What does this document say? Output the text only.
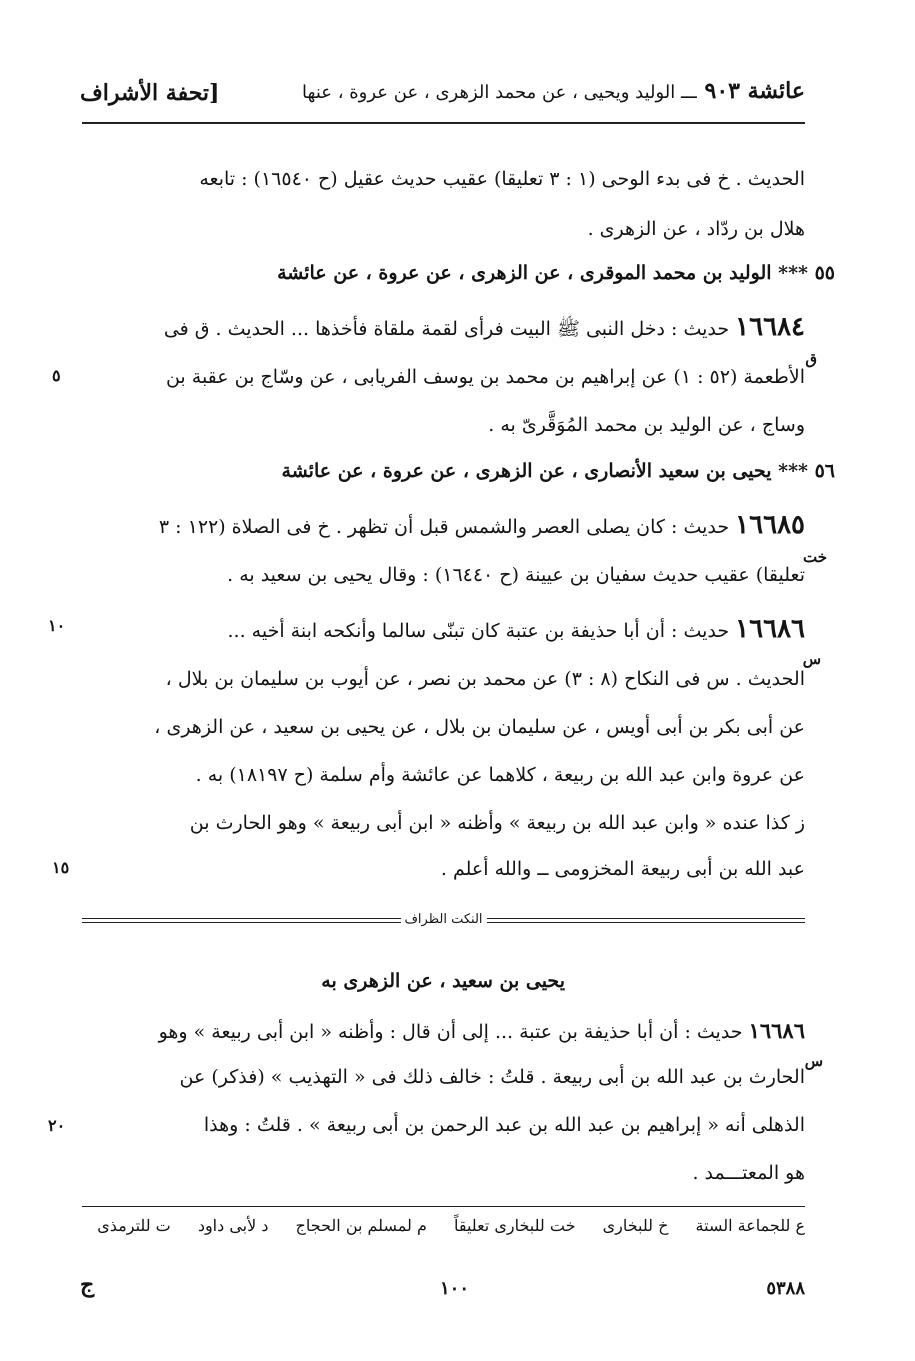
عائشة ٩٠٣ ـــ الوليد ويحيى ، عن محمد الزهرى ، عن عروة ، عنها
[تحفة الأشراف
الحديث . خ فى بدء الوحى (١ : ٣ تعليقا) عقيب حديث عقيل (ح ١٦٥٤٠) : تابعه
هلال بن ردّاد ، عن الزهرى .
٥٥ *** الوليد بن محمد الموقرى ، عن الزهرى ، عن عروة ، عن عائشة
١٦٦٨٤ حديث : دخل النبى ﷺ البيت فرأى لقمة ملقاة فأخذها ... الحديث . ق فى
ق
الأطعمة (٥٢ : ١) عن إبراهيم بن محمد بن يوسف الفريابى ، عن وسّاج بن عقبة بن
٥
وساج ، عن الوليد بن محمد المُوَقَّرىّ به .
٥٦ *** يحيى بن سعيد الأنصارى ، عن الزهرى ، عن عروة ، عن عائشة
١٦٦٨٥ حديث : كان يصلى العصر والشمس قبل أن تظهر . خ فى الصلاة (١٢٢ : ٣
خت
تعليقا) عقيب حديث سفيان بن عيينة (ح ١٦٤٤٠) : وقال يحيى بن سعيد به .
١٦٦٨٦ حديث : أن أبا حذيفة بن عتبة كان تبنّى سالما وأنكحه ابنة أخيه ...
١٠
س
الحديث . س فى النكاح (٨ : ٣) عن محمد بن نصر ، عن أيوب بن سليمان بن بلال ،
عن أبى بكر بن أبى أويس ، عن سليمان بن بلال ، عن يحيى بن سعيد ، عن الزهرى ،
عن عروة وابن عبد الله بن ربيعة ، كلاهما عن عائشة وأم سلمة (ح ١٨١٩٧) به .
ز كذا عنده « وابن عبد الله بن ربيعة » وأظنه « ابن أبى ربيعة » وهو الحارث بن
عبد الله بن أبى ربيعة المخزومى ــ والله أعلم .
١٥
النكت الظراف
يحيى بن سعيد ، عن الزهرى به
١٦٦٨٦ حديث : أن أبا حذيفة بن عتبة ... إلى أن قال : وأظنه « ابن أبى ربيعة » وهو
س
الحارث بن عبد الله بن أبى ربيعة . قلتُ : خالف ذلك فى « التهذيب » (فذكر) عن
الذهلى أنه « إبراهيم بن عبد الله بن عبد الرحمن بن أبى ربيعة » . قلتُ : وهذا
٢٠
هو المعتـــمد .
ع للجماعة الستة خ للبخارى خت للبخارى تعليقاً م لمسلم بن الحجاج د لأبى داود ت للترمذى
٥٣٨٨
١٠٠
ج
